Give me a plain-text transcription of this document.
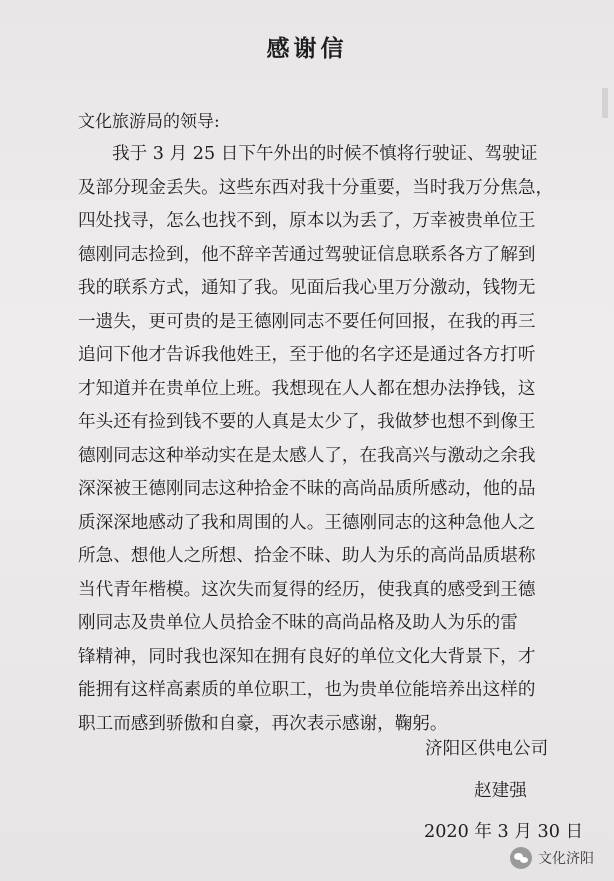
感谢信
文化旅游局的领导:
我于 3 月 25 日下午外出的时候不慎将行驶证、驾驶证
及部分现金丢失。这些东西对我十分重要，当时我万分焦急，
四处找寻，怎么也找不到，原本以为丢了，万幸被贵单位王
德刚同志捡到，他不辞辛苦通过驾驶证信息联系各方了解到
我的联系方式，通知了我。见面后我心里万分激动，钱物无
一遗失，更可贵的是王德刚同志不要任何回报，在我的再三
追问下他才告诉我他姓王，至于他的名字还是通过各方打听
才知道并在贵单位上班。我想现在人人都在想办法挣钱，这
年头还有捡到钱不要的人真是太少了，我做梦也想不到像王
德刚同志这种举动实在是太感人了，在我高兴与激动之余我
深深被王德刚同志这种拾金不昧的高尚品质所感动，他的品
质深深地感动了我和周围的人。王德刚同志的这种急他人之
所急、想他人之所想、拾金不昧、助人为乐的高尚品质堪称
当代青年楷模。这次失而复得的经历，使我真的感受到王德
刚同志及贵单位人员拾金不昧的高尚品格及助人为乐的雷
锋精神，同时我也深知在拥有良好的单位文化大背景下，才
能拥有这样高素质的单位职工，也为贵单位能培养出这样的
职工而感到骄傲和自豪，再次表示感谢，鞠躬。
济阳区供电公司
赵建强
2020 年 3 月 30 日
文化济阳
